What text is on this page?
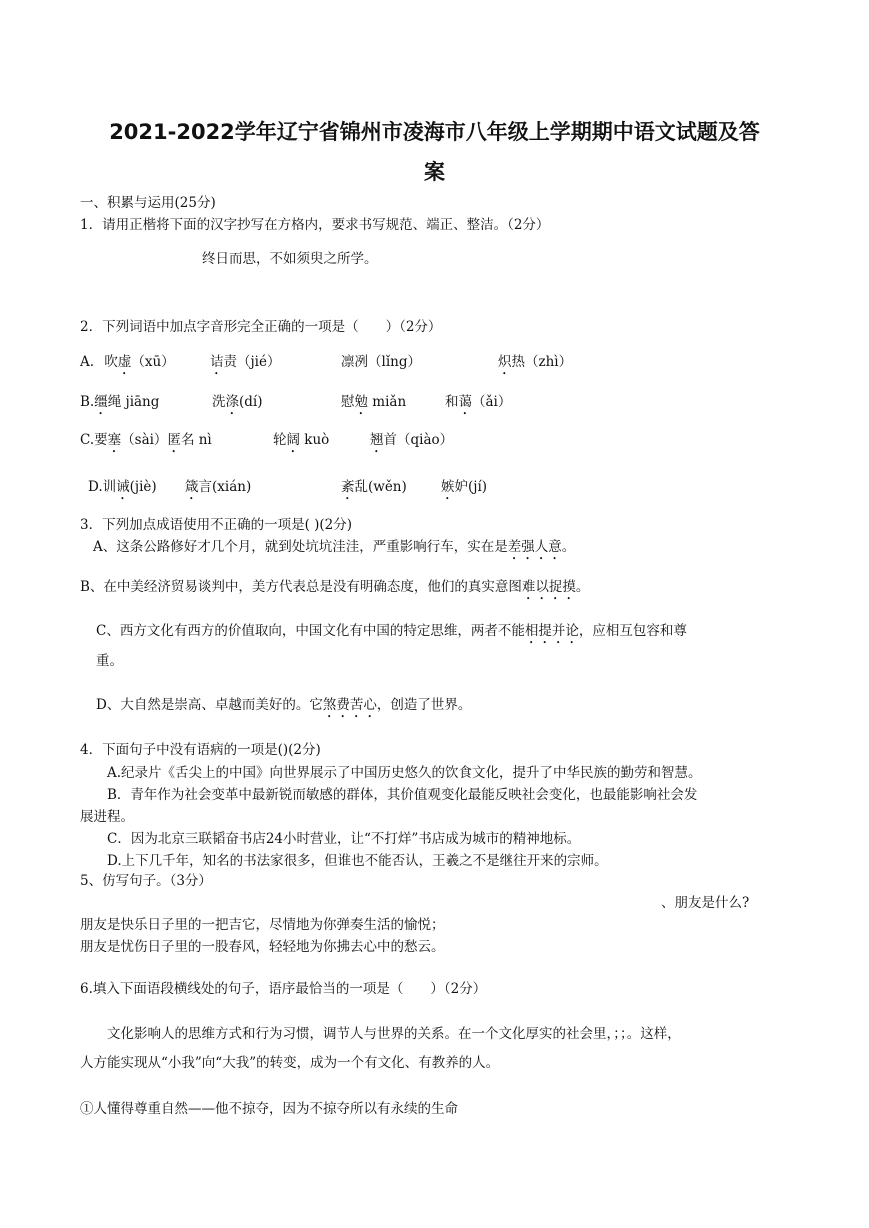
2021-2022学年辽宁省锦州市凌海市八年级上学期期中语文试题及答
案
一、积累与运用(25分)
1．请用正楷将下面的汉字抄写在方格内，要求书写规范、端正、整洁。（2分）
终日而思，不如须臾之所学。
2．下列词语中加点字音形完全正确的一项是（　　）（2分）
A. 吹虚（xū）	诘责（jié）	凛冽（lǐng）	炽热（zhì）
B.缰绳 jiāng	洗涤(dí)	慰勉 miǎn	和蔼（ǎi）
C.要塞（sài）匿名 nì	轮阔 kuò	翘首（qiào）
D.训诫(jiè) 箴言(xián)	紊乱(wěn)	嫉妒(jí)
3．下列加点成语使用不正确的一项是( )(2分)
A、这条公路修好才几个月，就到处坑坑洼洼，严重影响行车，实在是差强人意。
B、在中美经济贸易谈判中，美方代表总是没有明确态度，他们的真实意图难以捉摸。
C、西方文化有西方的价值取向，中国文化有中国的特定思维，两者不能相提并论，应相互包容和尊
重。
D、大自然是崇高、卓越而美好的。它煞费苦心，创造了世界。
4．下面句子中没有语病的一项是()(2分)
A.纪录片《舌尖上的中国》向世界展示了中国历史悠久的饮食文化，提升了中华民族的勤劳和智慧。
B．青年作为社会变革中最新锐而敏感的群体，其价值观变化最能反映社会变化，也最能影响社会发
展进程。
C．因为北京三联韬奋书店24小时营业，让“不打烊”书店成为城市的精神地标。
D.上下几千年，知名的书法家很多，但谁也不能否认，王羲之不是继往开来的宗师。
5、仿写句子。（3分）
、朋友是什么?
朋友是快乐日子里的一把吉它，尽情地为你弹奏生活的愉悦；
朋友是忧伤日子里的一股春风，轻轻地为你拂去心中的愁云。
6.填入下面语段横线处的句子，语序最恰当的一项是（　　）（2分）
文化影响人的思维方式和行为习惯，调节人与世界的关系。在一个文化厚实的社会里，；；。这样，
人方能实现从“小我”向“大我”的转变，成为一个有文化、有教养的人。
①人懂得尊重自然——他不掠夺，因为不掠夺所以有永续的生命
